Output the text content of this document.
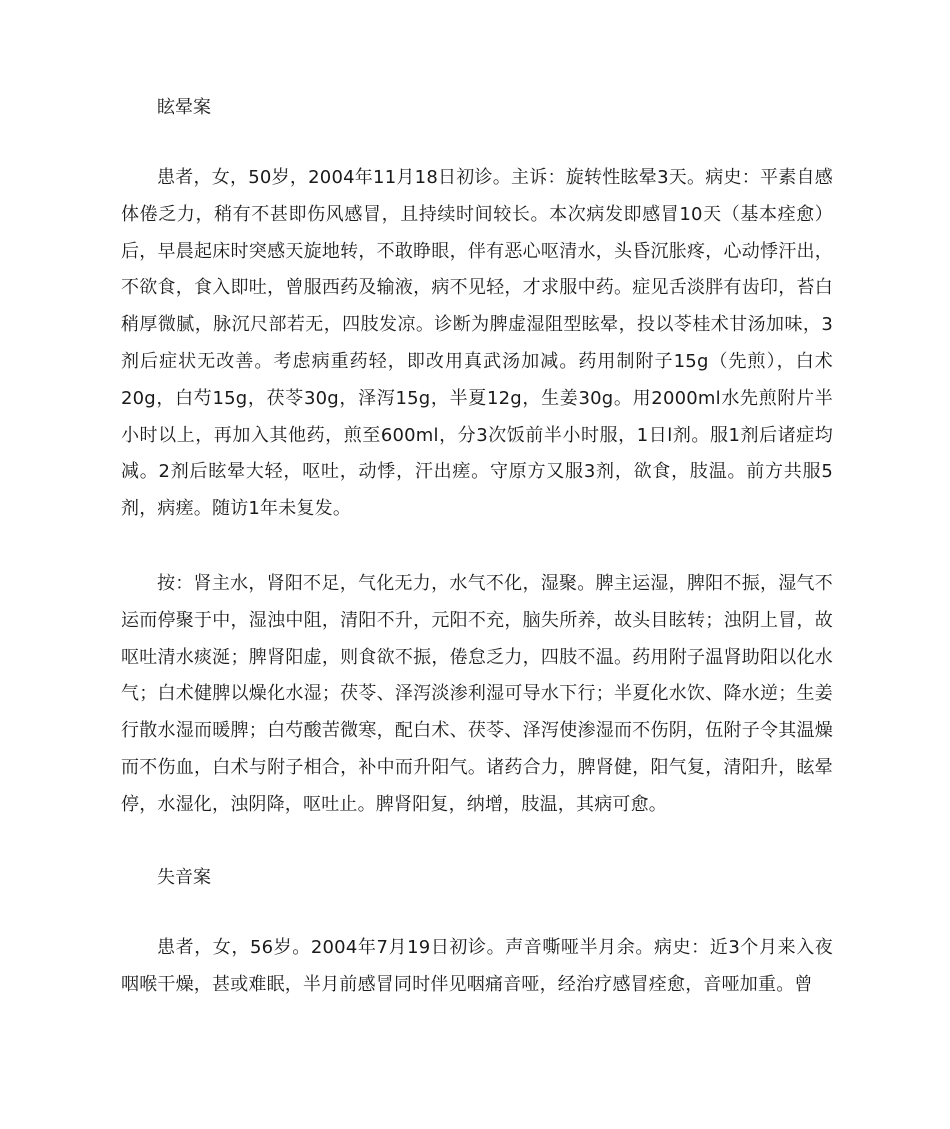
眩晕案

患者，女，50岁，2004年11月18日初诊。主诉：旋转性眩晕3天。病史：平素自感体倦乏力，稍有不甚即伤风感冒，且持续时间较长。本次病发即感冒10天（基本痊愈）后，早晨起床时突感天旋地转，不敢睁眼，伴有恶心呕清水，头昏沉胀疼，心动悸汗出，不欲食，食入即吐，曾服西药及输液，病不见轻，才求服中药。症见舌淡胖有齿印，苔白稍厚微腻，脉沉尺部若无，四肢发凉。诊断为脾虚湿阻型眩晕，投以苓桂术甘汤加味，3剂后症状无改善。考虑病重药轻，即改用真武汤加减。药用制附子15g（先煎），白术20g，白芍15g，茯苓30g，泽泻15g，半夏12g，生姜30g。用2000ml水先煎附片半小时以上，再加入其他药，煎至600ml，分3次饭前半小时服，1日l剂。服1剂后诸症均减。2剂后眩晕大轻，呕吐，动悸，汗出瘥。守原方又服3剂，欲食，肢温。前方共服5剂，病瘥。随访1年未复发。

按：肾主水，肾阳不足，气化无力，水气不化，湿聚。脾主运湿，脾阳不振，湿气不运而停聚于中，湿浊中阻，清阳不升，元阳不充，脑失所养，故头目眩转；浊阴上冒，故呕吐清水痰涎；脾肾阳虚，则食欲不振，倦怠乏力，四肢不温。药用附子温肾助阳以化水气；白术健脾以燥化水湿；茯苓、泽泻淡渗利湿可导水下行；半夏化水饮、降水逆；生姜行散水湿而暖脾；白芍酸苦微寒，配白术、茯苓、泽泻使渗湿而不伤阴，伍附子令其温燥而不伤血，白术与附子相合，补中而升阳气。诸药合力，脾肾健，阳气复，清阳升，眩晕停，水湿化，浊阴降，呕吐止。脾肾阳复，纳增，肢温，其病可愈。

失音案

患者，女，56岁。2004年7月19日初诊。声音嘶哑半月余。病史：近3个月来入夜咽喉干燥，甚或难眠，半月前感冒同时伴见咽痛音哑，经治疗感冒痊愈，音哑加重。曾
